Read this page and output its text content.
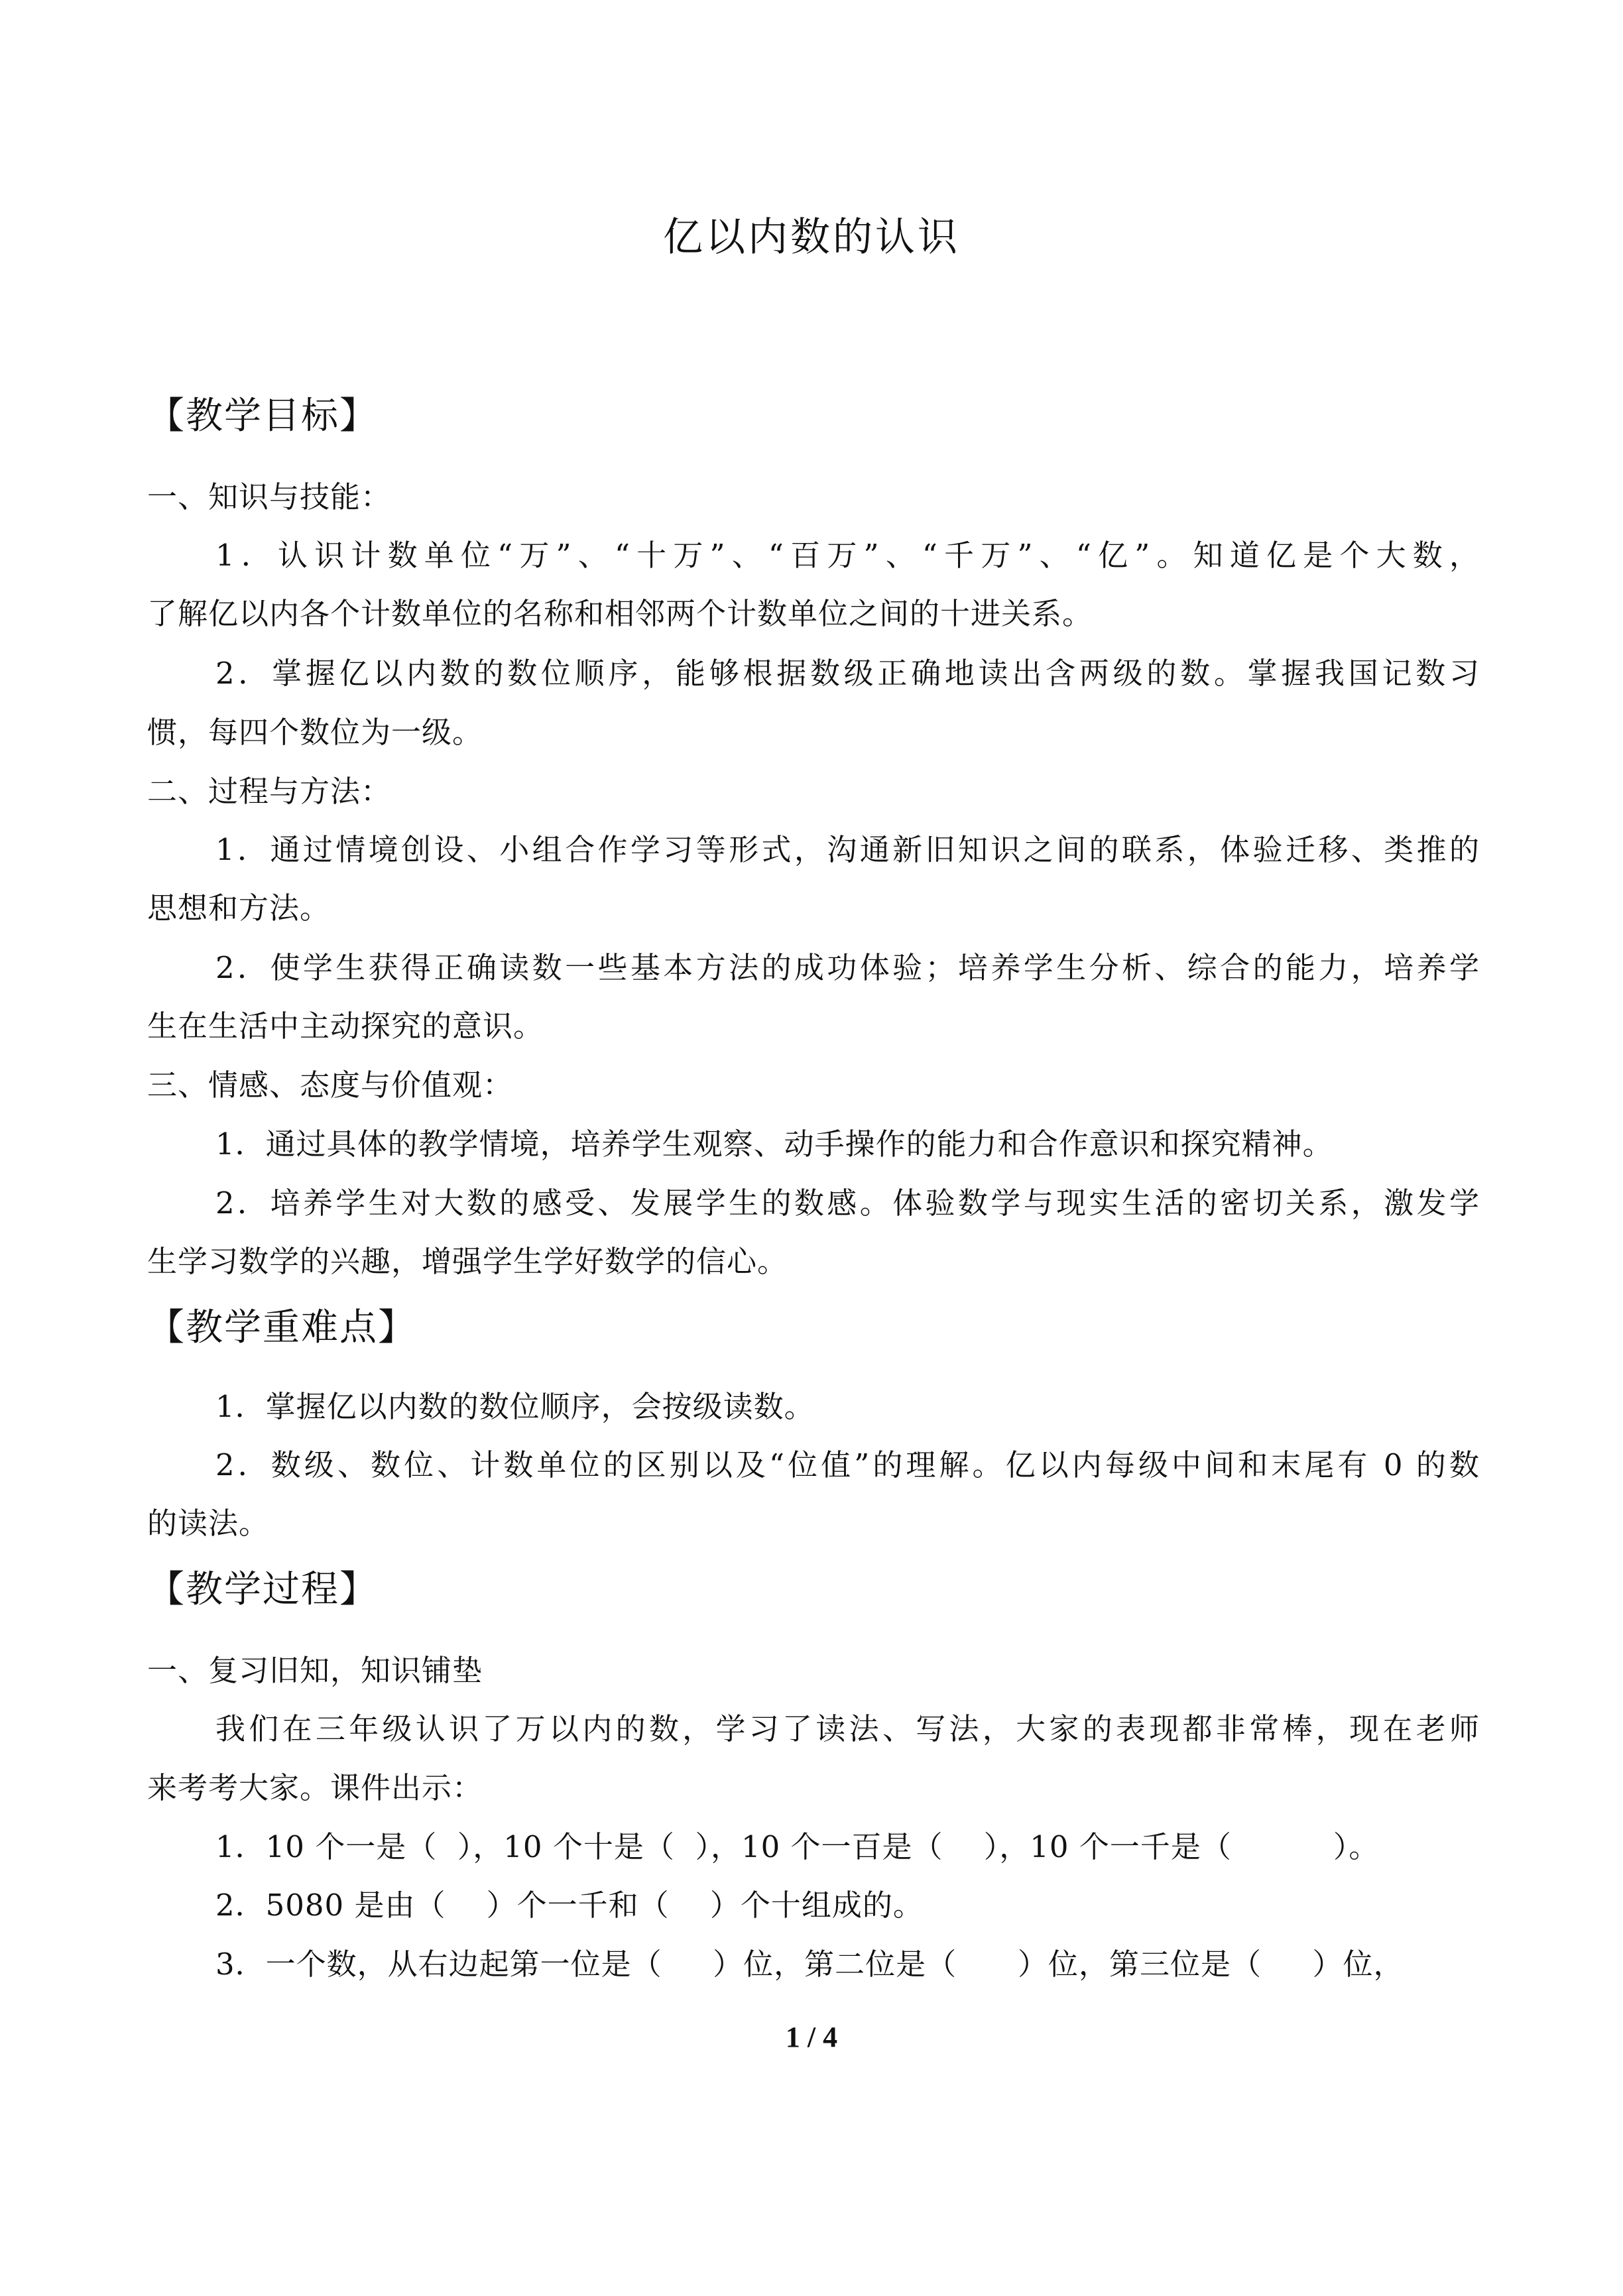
亿以内数的认识
【教学目标】
一、知识与技能：
1．认识计数单位“万”、“十万”、“百万”、“千万”、“亿”。知道亿是个大数，
了解亿以内各个计数单位的名称和相邻两个计数单位之间的十进关系。
2．掌握亿以内数的数位顺序，能够根据数级正确地读出含两级的数。掌握我国记数习
惯，每四个数位为一级。
二、过程与方法：
1．通过情境创设、小组合作学习等形式，沟通新旧知识之间的联系，体验迁移、类推的
思想和方法。
2．使学生获得正确读数一些基本方法的成功体验；培养学生分析、综合的能力，培养学
生在生活中主动探究的意识。
三、情感、态度与价值观：
1．通过具体的教学情境，培养学生观察、动手操作的能力和合作意识和探究精神。
2．培养学生对大数的感受、发展学生的数感。体验数学与现实生活的密切关系，激发学
生学习数学的兴趣，增强学生学好数学的信心。
【教学重难点】
1．掌握亿以内数的数位顺序，会按级读数。
2．数级、数位、计数单位的区别以及“位值”的理解。亿以内每级中间和末尾有 0 的数
的读法。
【教学过程】
一、复习旧知，知识铺垫
我们在三年级认识了万以内的数，学习了读法、写法，大家的表现都非常棒，现在老师
来考考大家。课件出示：
1．10 个一是（  ），10 个十是（  ），10 个一百是（    ），10 个一千是（          ）。
2．5080 是由（    ）个一千和（    ）个十组成的。
3．一个数，从右边起第一位是（     ）位，第二位是（      ）位，第三位是（     ）位，
1 / 4
